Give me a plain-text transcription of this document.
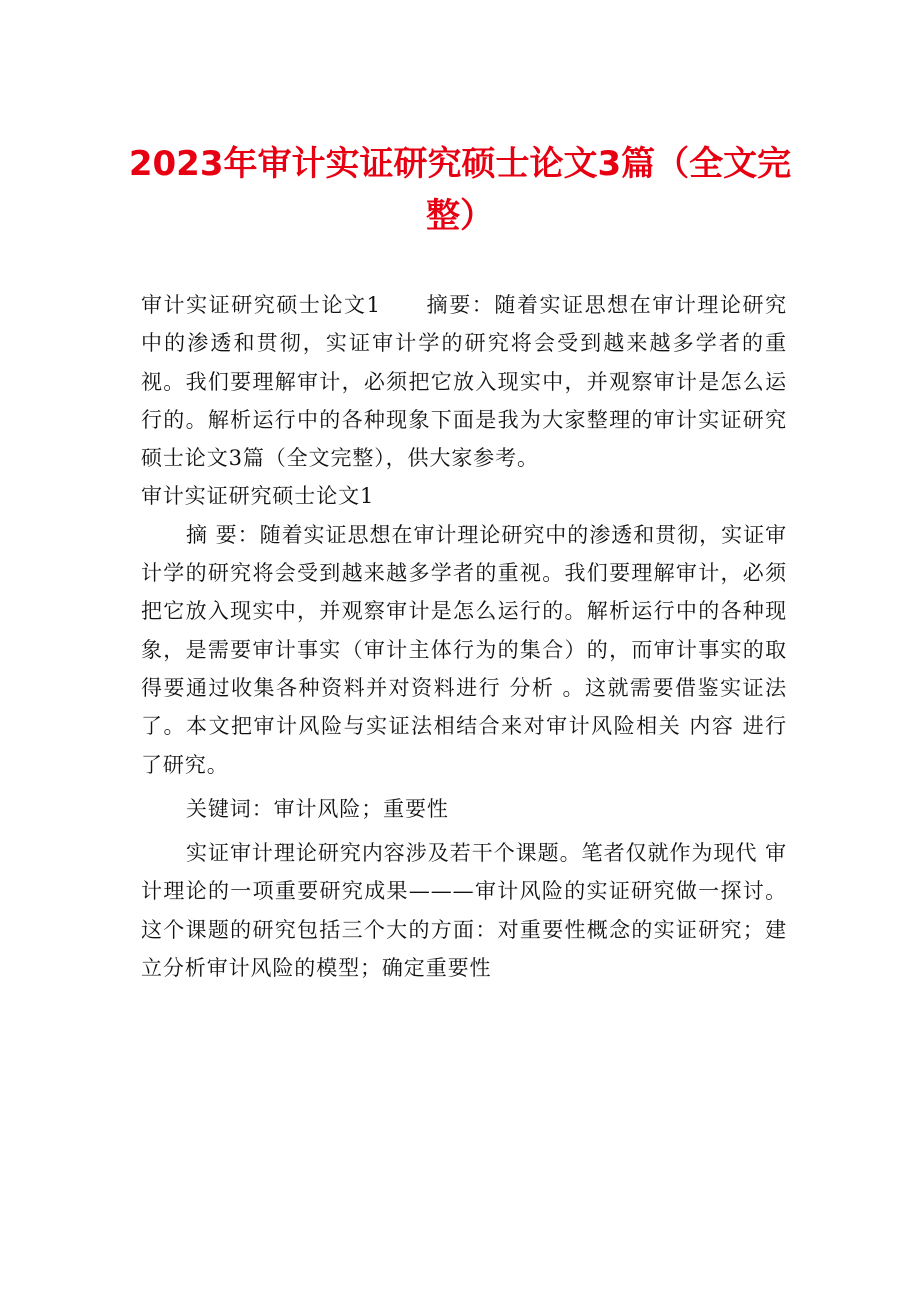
2023年审计实证研究硕士论文3篇（全文完整）

审计实证研究硕士论文1　　摘要：随着实证思想在审计理论研究中的渗透和贯彻，实证审计学的研究将会受到越来越多学者的重视。我们要理解审计，必须把它放入现实中，并观察审计是怎么运行的。解析运行中的各种现象下面是我为大家整理的审计实证研究硕士论文3篇（全文完整），供大家参考。

审计实证研究硕士论文1

摘 要：随着实证思想在审计理论研究中的渗透和贯彻，实证审计学的研究将会受到越来越多学者的重视。我们要理解审计，必须把它放入现实中，并观察审计是怎么运行的。解析运行中的各种现象，是需要审计事实（审计主体行为的集合）的，而审计事实的取得要通过收集各种资料并对资料进行 分析 。这就需要借鉴实证法了。本文把审计风险与实证法相结合来对审计风险相关 内容 进行了研究。

关键词：审计风险；重要性

实证审计理论研究内容涉及若干个课题。笔者仅就作为现代 审计理论的一项重要研究成果———审计风险的实证研究做一探讨。这个课题的研究包括三个大的方面：对重要性概念的实证研究；建立分析审计风险的模型；确定重要性
